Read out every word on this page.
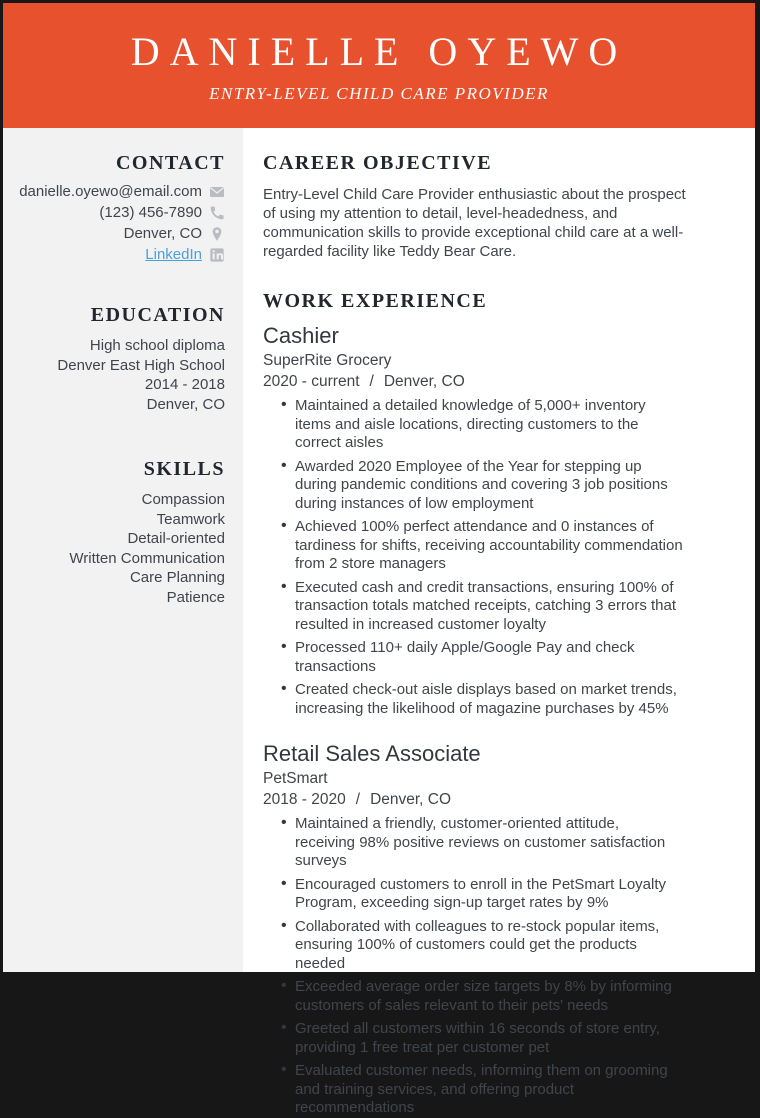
DANIELLE OYEWO
ENTRY-LEVEL CHILD CARE PROVIDER
CONTACT
danielle.oyewo@email.com
(123) 456-7890
Denver, CO
LinkedIn
EDUCATION
High school diploma
Denver East High School
2014 - 2018
Denver, CO
SKILLS
Compassion
Teamwork
Detail-oriented
Written Communication
Care Planning
Patience
CAREER OBJECTIVE

Entry-Level Child Care Provider enthusiastic about the prospect of using my attention to detail, level-headedness, and communication skills to provide exceptional child care at a well-regarded facility like Teddy Bear Care.

WORK EXPERIENCE
Cashier
SuperRite Grocery
2020 - current / Denver, CO
• Maintained a detailed knowledge of 5,000+ inventory items and aisle locations, directing customers to the correct aisles
• Awarded 2020 Employee of the Year for stepping up during pandemic conditions and covering 3 job positions during instances of low employment
• Achieved 100% perfect attendance and 0 instances of tardiness for shifts, receiving accountability commendation from 2 store managers
• Executed cash and credit transactions, ensuring 100% of transaction totals matched receipts, catching 3 errors that resulted in increased customer loyalty
• Processed 110+ daily Apple/Google Pay and check transactions
• Created check-out aisle displays based on market trends, increasing the likelihood of magazine purchases by 45%
Retail Sales Associate
PetSmart
2018 - 2020 / Denver, CO
• Maintained a friendly, customer-oriented attitude, receiving 98% positive reviews on customer satisfaction surveys
• Encouraged customers to enroll in the PetSmart Loyalty Program, exceeding sign-up target rates by 9%
• Collaborated with colleagues to re-stock popular items, ensuring 100% of customers could get the products needed
• Exceeded average order size targets by 8% by informing customers of sales relevant to their pets' needs
• Greeted all customers within 16 seconds of store entry, providing 1 free treat per customer pet
• Evaluated customer needs, informing them on grooming and training services, and offering product recommendations
